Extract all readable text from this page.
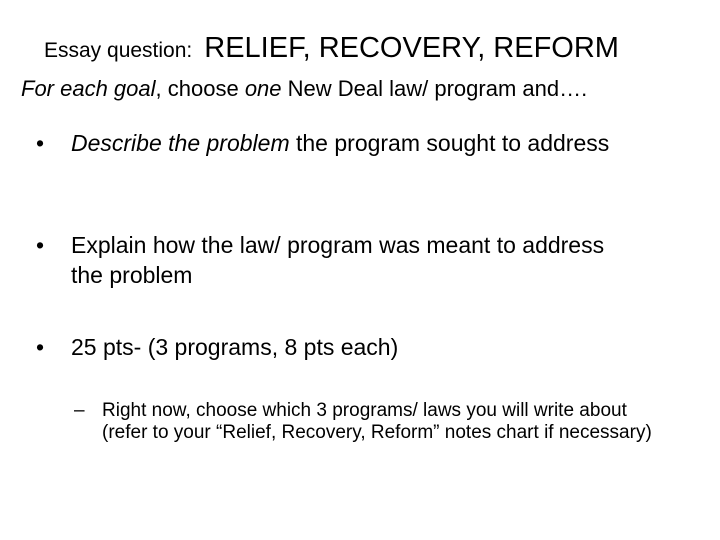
Essay question: RELIEF, RECOVERY, REFORM
For each goal, choose one New Deal law/ program and….
• Describe the problem the program sought to address
• Explain how the law/ program was meant to address the problem
• 25 pts- (3 programs, 8 pts each)
– Right now, choose which 3 programs/ laws you will write about (refer to your “Relief, Recovery, Reform” notes chart if necessary)
